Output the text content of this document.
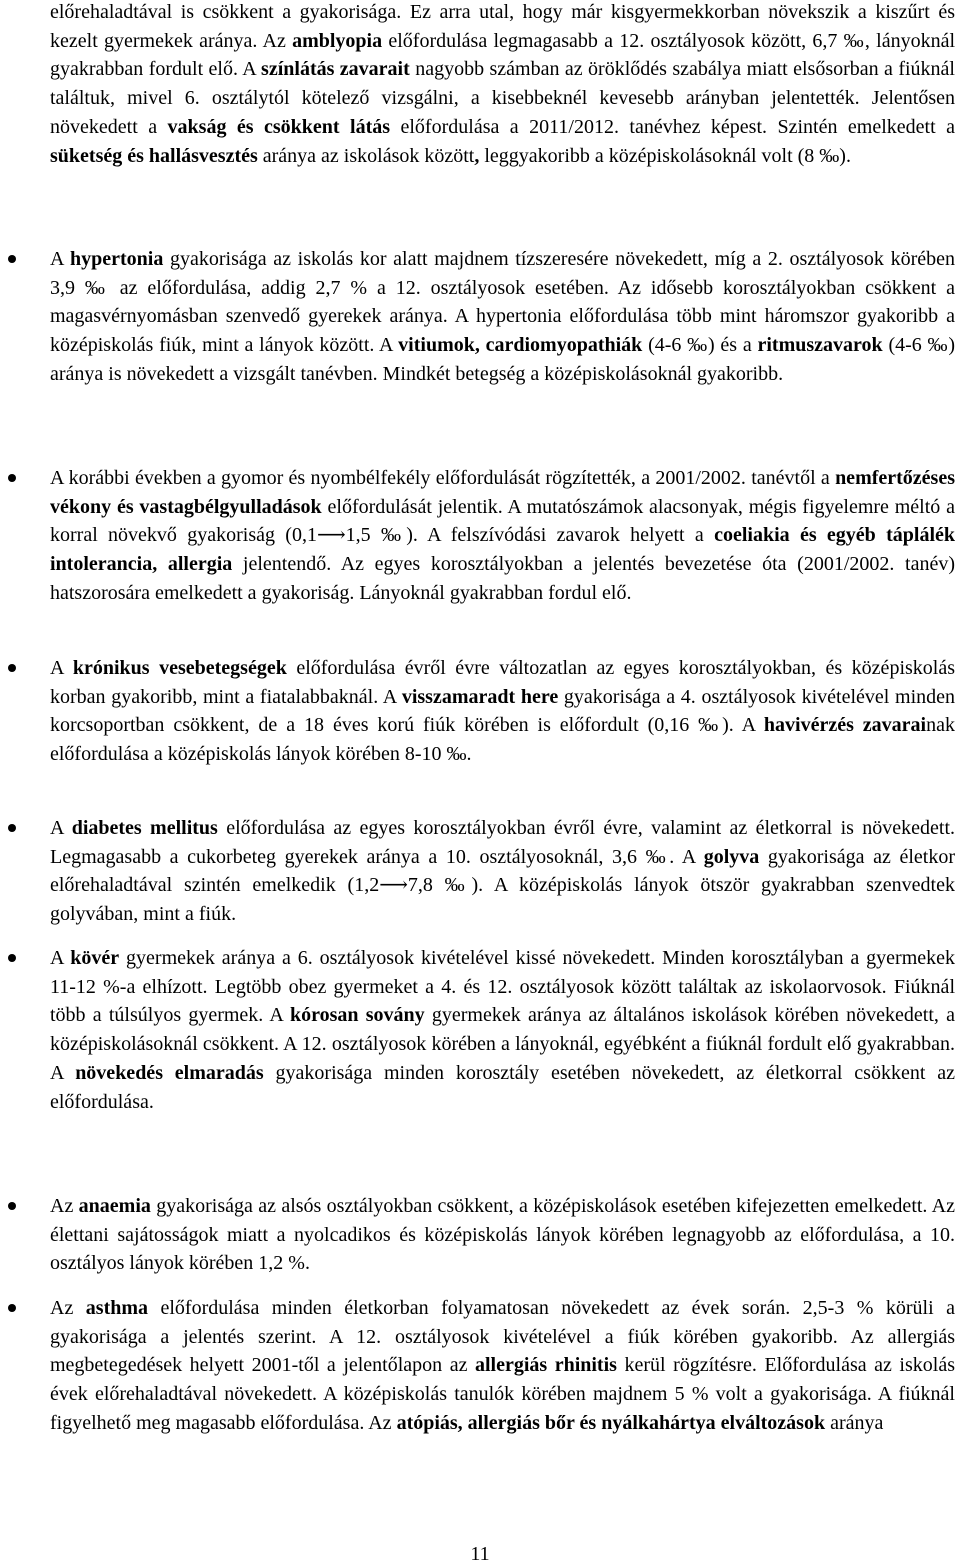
előrehaladtával is csökkent a gyakorisága. Ez arra utal, hogy már kisgyermekkorban növekszik a kiszűrt és kezelt gyermekek aránya. Az amblyopia előfordulása legmagasabb a 12. osztályosok között, 6,7 ‰, lányoknál gyakrabban fordult elő. A színlátás zavarait nagyobb számban az öröklődés szabálya miatt elsősorban a fiúknál találtuk, mivel 6. osztálytól kötelező vizsgálni, a kisebbeknél kevesebb arányban jelentették. Jelentősen növekedett a vakság és csökkent látás előfordulása a 2011/2012. tanévhez képest. Szintén emelkedett a süketség és hallásvesztés aránya az iskolások között, leggyakoribb a középiskolásoknál volt (8 ‰).
A hypertonia gyakorisága az iskolás kor alatt majdnem tízszeresére növekedett, míg a 2. osztályosok körében 3,9 ‰ az előfordulása, addig 2,7 % a 12. osztályosok esetében. Az idősebb korosztályokban csökkent a magasvérnyomásban szenvedő gyerekek aránya. A hypertonia előfordulása több mint háromszor gyakoribb a középiskolás fiúk, mint a lányok között. A vitiumok, cardiomyopathiák (4-6 ‰) és a ritmuszavarok (4-6 ‰) aránya is növekedett a vizsgált tanévben. Mindkét betegség a középiskolásoknál gyakoribb.
A korábbi években a gyomor és nyombélfekély előfordulását rögzítették, a 2001/2002. tanévtől a nemfertőzéses vékony és vastagbélgyulladások előfordulását jelentik. A mutatószámok alacsonyak, mégis figyelemre méltó a korral növekvő gyakoriság (0,1⟶1,5 ‰). A felszívódási zavarok helyett a coeliakia és egyéb táplálék intolerancia, allergia jelentendő. Az egyes korosztályokban a jelentés bevezetése óta (2001/2002. tanév) hatszorosára emelkedett a gyakoriság. Lányoknál gyakrabban fordul elő.
A krónikus vesebetegségek előfordulása évről évre változatlan az egyes korosztályokban, és középiskolás korban gyakoribb, mint a fiatalabbaknál. A visszamaradt here gyakorisága a 4. osztályosok kivételével minden korcsoportban csökkent, de a 18 éves korú fiúk körében is előfordult (0,16 ‰). A havivérzés zavarainak előfordulása a középiskolás lányok körében 8-10 ‰.
A diabetes mellitus előfordulása az egyes korosztályokban évről évre, valamint az életkorral is növekedett. Legmagasabb a cukorbeteg gyerekek aránya a 10. osztályosoknál, 3,6 ‰. A golyva gyakorisága az életkor előrehaladtával szintén emelkedik (1,2⟶7,8 ‰). A középiskolás lányok ötször gyakrabban szenvedtek golyvában, mint a fiúk.
A kövér gyermekek aránya a 6. osztályosok kivételével kissé növekedett. Minden korosztályban a gyermekek 11-12 %-a elhízott. Legtöbb obez gyermeket a 4. és 12. osztályosok között találtak az iskolaorvosok. Fiúknál több a túlsúlyos gyermek. A kórosan sovány gyermekek aránya az általános iskolások körében növekedett, a középiskolásoknál csökkent. A 12. osztályosok körében a lányoknál, egyébként a fiúknál fordult elő gyakrabban. A növekedés elmaradás gyakorisága minden korosztály esetében növekedett, az életkorral csökkent az előfordulása.
Az anaemia gyakorisága az alsós osztályokban csökkent, a középiskolások esetében kifejezetten emelkedett. Az élettani sajátosságok miatt a nyolcadikos és középiskolás lányok körében legnagyobb az előfordulása, a 10. osztályos lányok körében 1,2 %.
Az asthma előfordulása minden életkorban folyamatosan növekedett az évek során. 2,5-3 % körüli a gyakorisága a jelentés szerint. A 12. osztályosok kivételével a fiúk körében gyakoribb. Az allergiás megbetegedések helyett 2001-től a jelentőlapon az allergiás rhinitis kerül rögzítésre. Előfordulása az iskolás évek előrehaladtával növekedett. A középiskolás tanulók körében majdnem 5 % volt a gyakorisága. A fiúknál figyelhető meg magasabb előfordulása. Az atópiás, allergiás bőr és nyálkahártya elváltozások aránya
11
